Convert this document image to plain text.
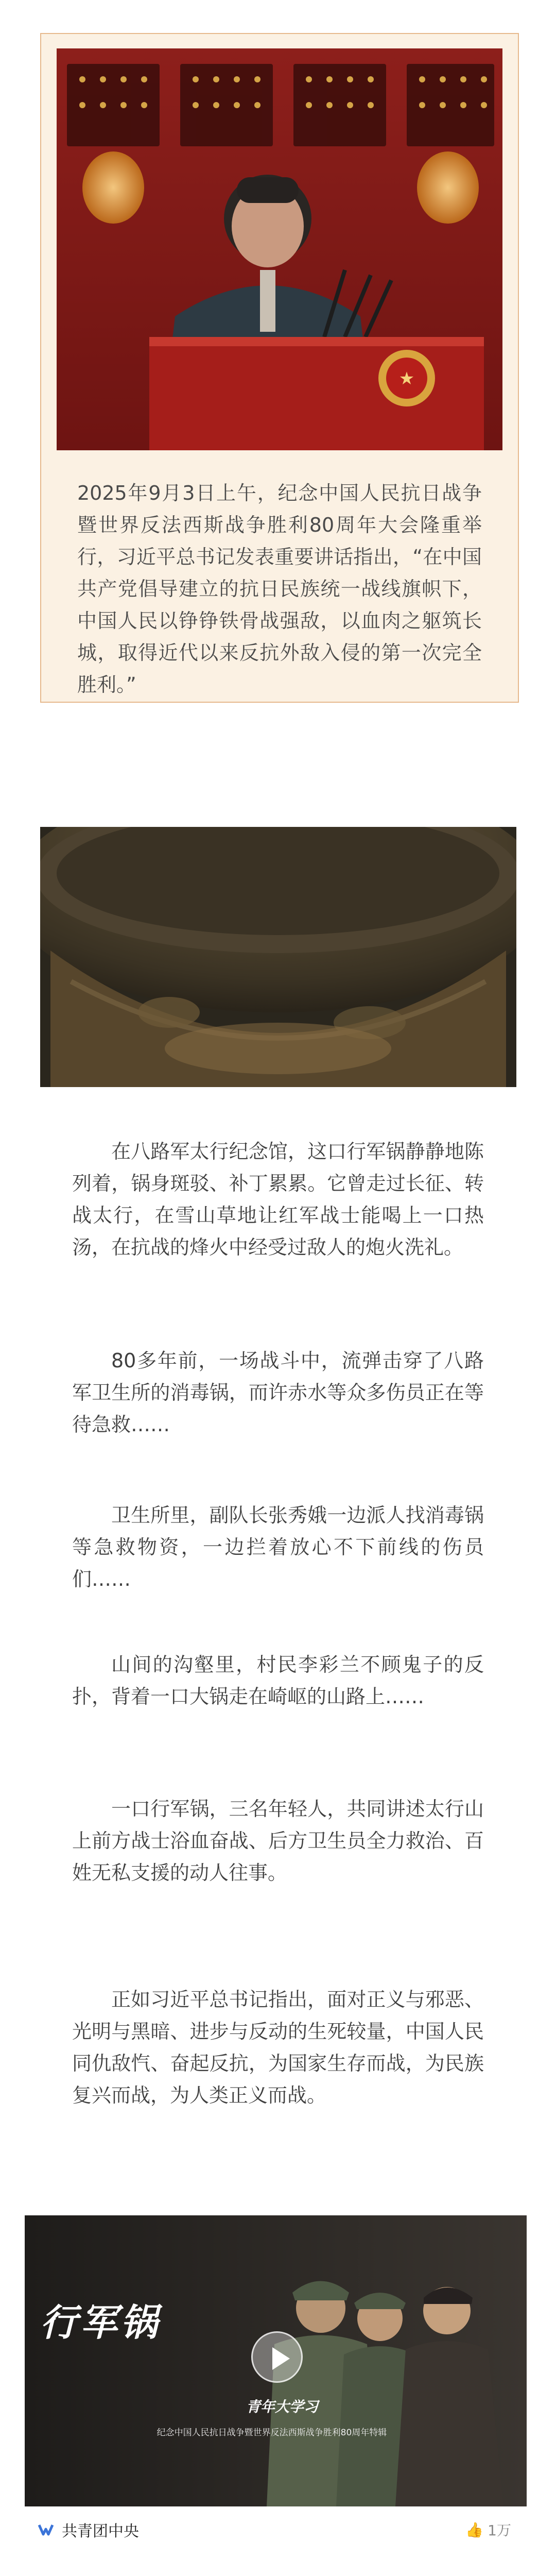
★
2025年9月3日上午，纪念中国人民抗日战争暨世界反法西斯战争胜利80周年大会隆重举行，习近平总书记发表重要讲话指出，“在中国共产党倡导建立的抗日民族统一战线旗帜下，中国人民以铮铮铁骨战强敌，以血肉之躯筑长城，取得近代以来反抗外敌入侵的第一次完全胜利。”
在八路军太行纪念馆，这口行军锅静静地陈列着，锅身斑驳、补丁累累。它曾走过长征、转战太行，在雪山草地让红军战士能喝上一口热汤，在抗战的烽火中经受过敌人的炮火洗礼。
80多年前，一场战斗中，流弹击穿了八路军卫生所的消毒锅，而许赤水等众多伤员正在等待急救……
卫生所里，副队长张秀娥一边派人找消毒锅等急救物资，一边拦着放心不下前线的伤员们……
山间的沟壑里，村民李彩兰不顾鬼子的反扑，背着一口大锅走在崎岖的山路上……
一口行军锅，三名年轻人，共同讲述太行山上前方战士浴血奋战、后方卫生员全力救治、百姓无私支援的动人往事。
正如习近平总书记指出，面对正义与邪恶、光明与黑暗、进步与反动的生死较量，中国人民同仇敌忾、奋起反抗，为国家生存而战，为民族复兴而战，为人类正义而战。
行军锅
青年大学习
纪念中国人民抗日战争暨世界反法西斯战争胜利80周年特辑
共青团中央	👍 1万
